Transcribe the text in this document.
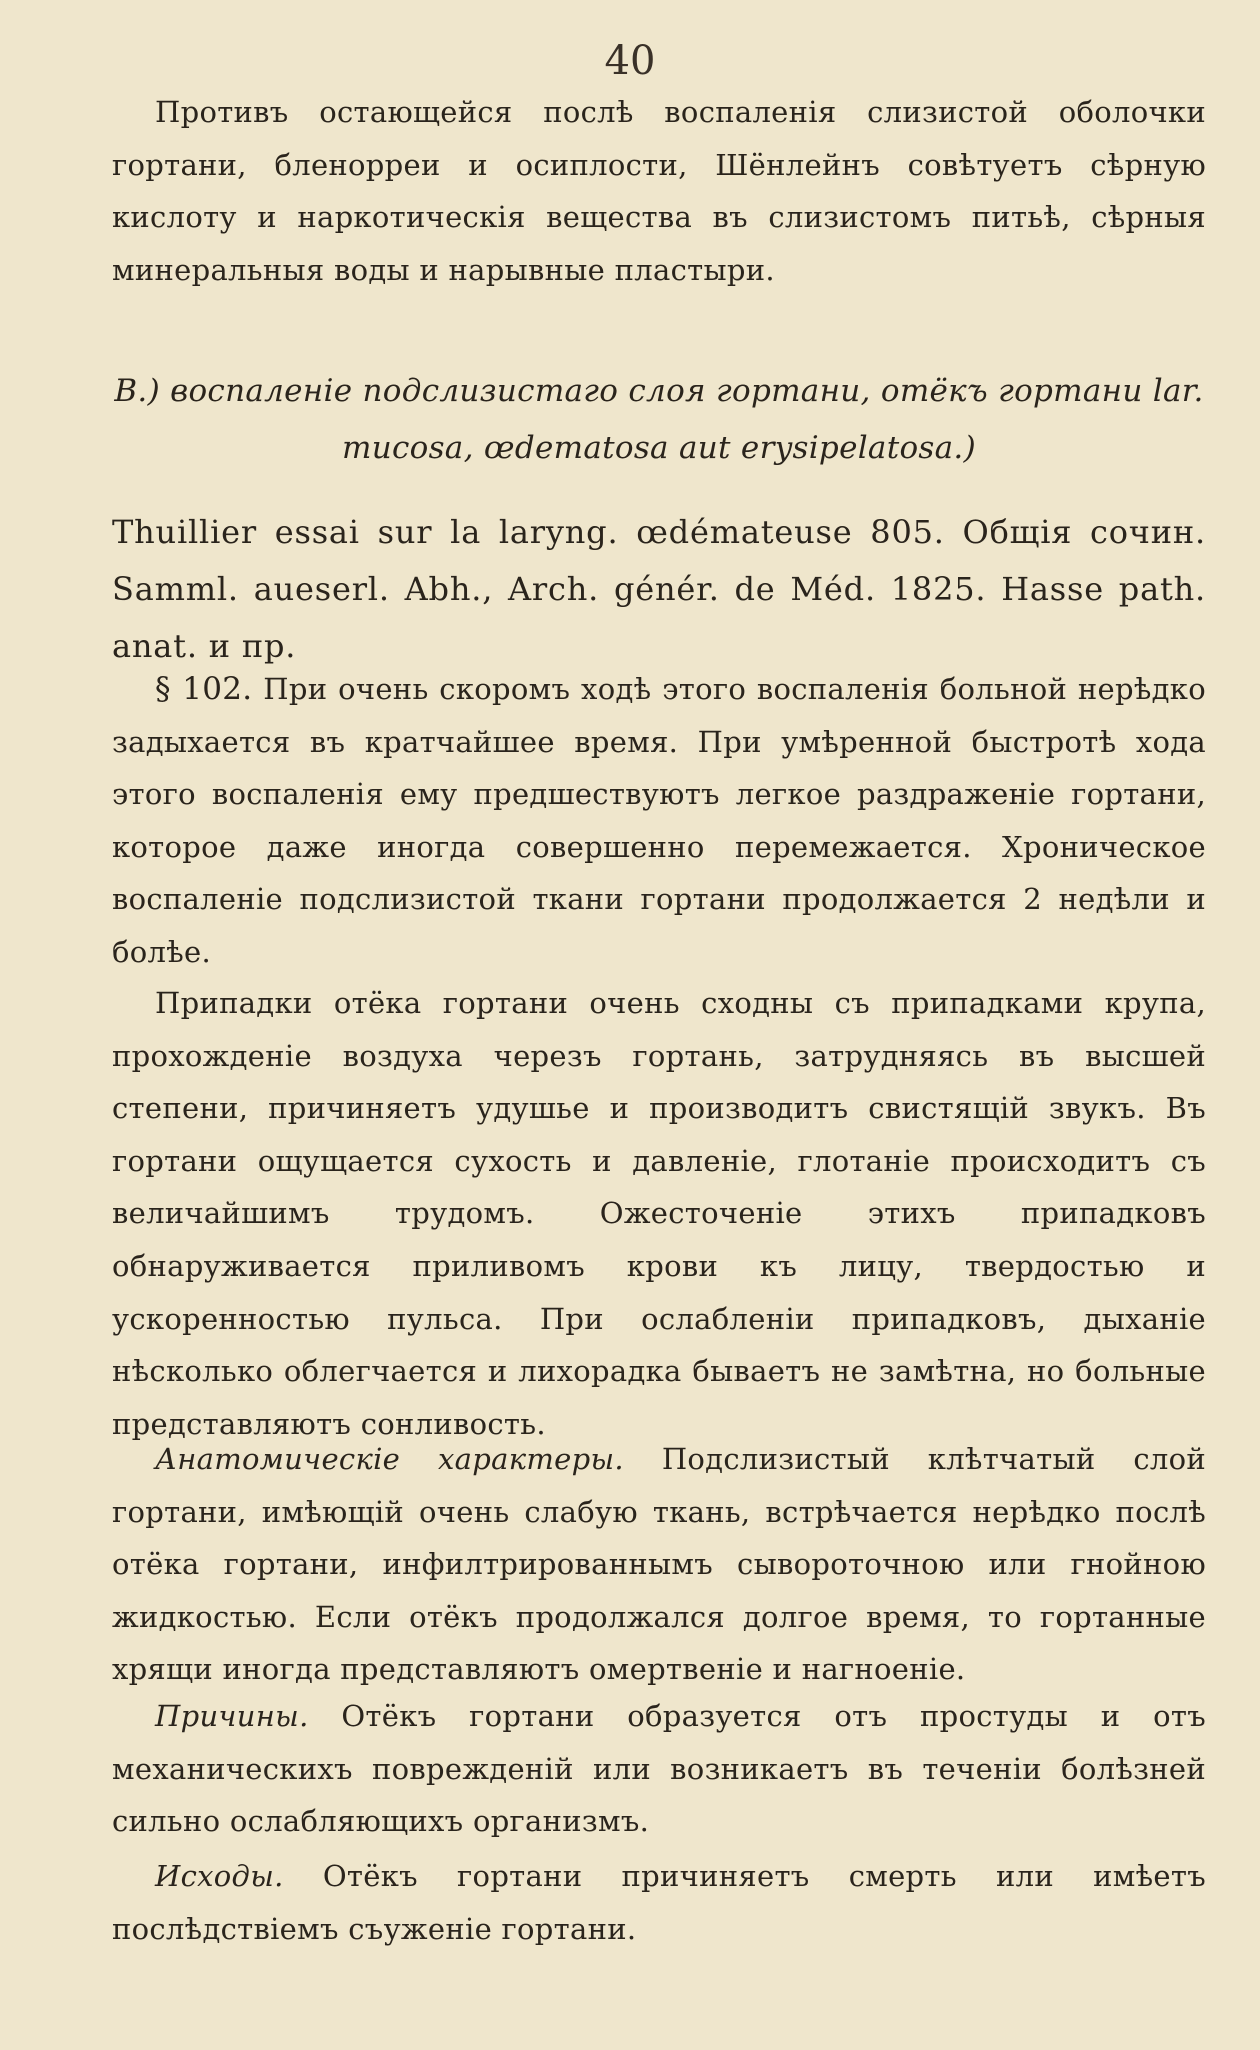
40
Противъ остающейся послѣ воспаленія слизистой оболочки гортани, бленорреи и осиплости, Шёнлейнъ совѣтуетъ сѣрную кислоту и наркотическія вещества въ слизистомъ питьѣ, сѣрныя минеральныя воды и нарывные пластыри.
B.) воспаленіе подслизистаго слоя гортани, отёкъ гортани lar. mucosa, œdematosa aut erysipelatosa.)
Thuillier essai sur la laryng. œdématеuse 805. Общія сочин. Samml. auеserl. Abh., Arch. génér. de Méd. 1825. Hasse path. anat. и пр.
§ 102. При очень скоромъ ходѣ этого воспаленія больной нерѣдко задыхается въ кратчайшее время. При умѣренной быстротѣ хода этого воспаленія ему предшествуютъ легкое раздраженіе гортани, которое даже иногда совершенно перемежается. Хроническое воспаленіе подслизистой ткани гортани продолжается 2 недѣли и болѣе.
Припадки отёка гортани очень сходны съ припадками крупа, прохожденіе воздуха черезъ гортань, затрудняясь въ высшей степени, причиняетъ удушье и производитъ свистящій звукъ. Въ гортани ощущается сухость и давленіе, глотаніе происходитъ съ величайшимъ трудомъ. Ожесточеніе этихъ припадковъ обнаруживается приливомъ крови къ лицу, твердостью и ускоренностью пульса. При ослабленіи припадковъ, дыханіе нѣсколько облегчается и лихорадка бываетъ не замѣтна, но больные представляютъ сонливость.
Анатомическіе характеры. Подслизистый клѣтчатый слой гортани, имѣющій очень слабую ткань, встрѣчается нерѣдко послѣ отёка гортани, инфилтрированнымъ сывороточною или гнойною жидкостью. Если отёкъ продолжался долгое время, то гортанные хрящи иногда представляютъ омертвеніе и нагноеніе.
Причины. Отёкъ гортани образуется отъ простуды и отъ механическихъ поврежденій или возникаетъ въ теченіи болѣзней сильно ослабляющихъ организмъ.
Исходы. Отёкъ гортани причиняетъ смерть или имѣетъ послѣдствіемъ съуженіе гортани.
